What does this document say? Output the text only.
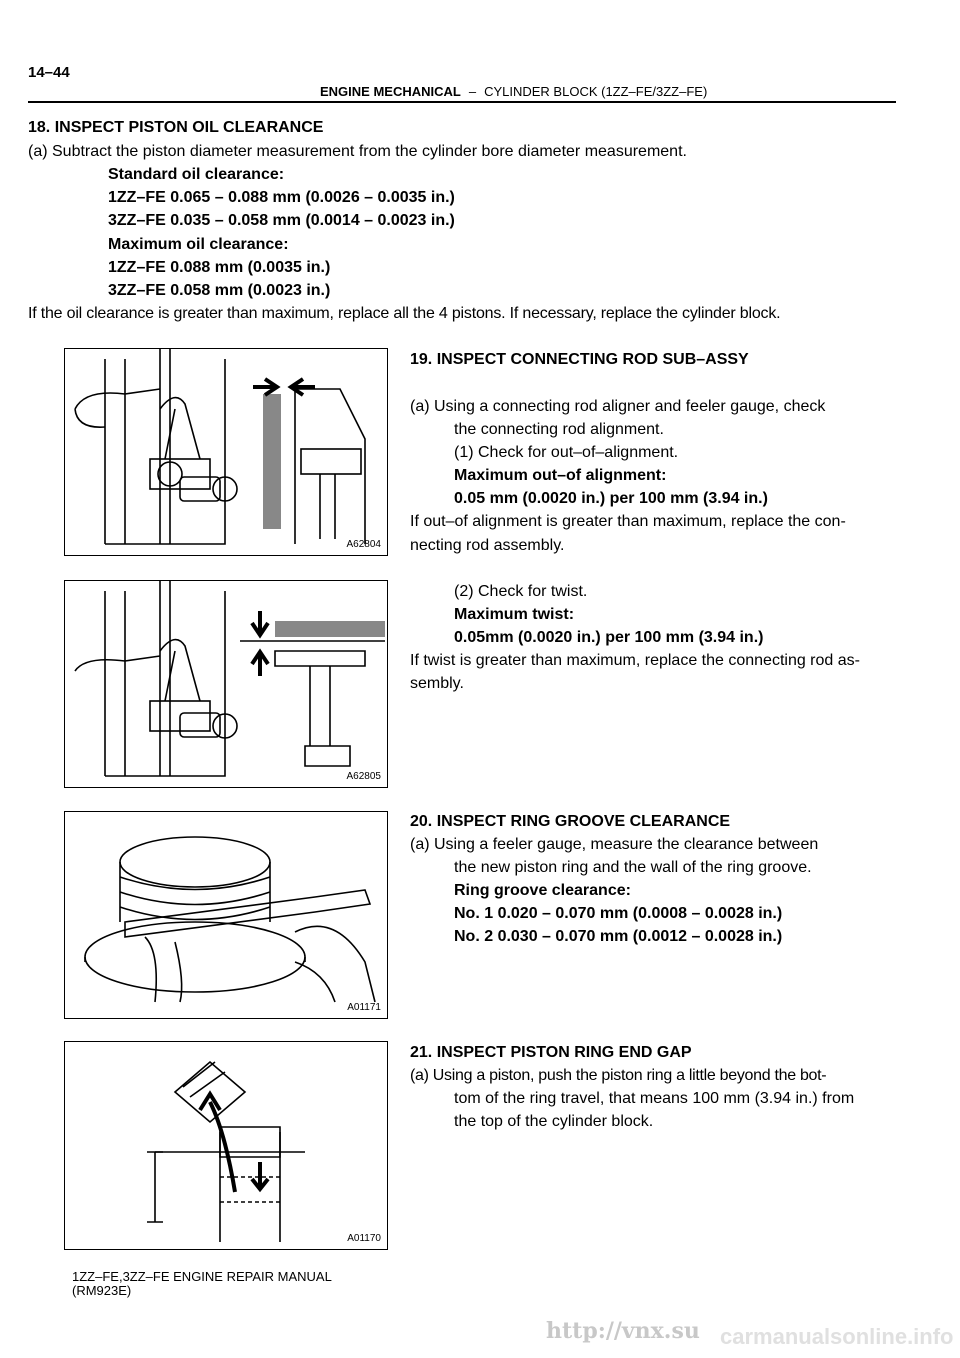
14–44
ENGINE MECHANICAL – CYLINDER BLOCK (1ZZ–FE/3ZZ–FE)
18. INSPECT PISTON OIL CLEARANCE
(a) Subtract the piston diameter measurement from the cylinder bore diameter measurement.
Standard oil clearance:
1ZZ–FE 0.065 – 0.088 mm (0.0026 – 0.0035 in.)
3ZZ–FE 0.035 – 0.058 mm (0.0014 – 0.0023 in.)
Maximum oil clearance:
1ZZ–FE 0.088 mm (0.0035 in.)
3ZZ–FE 0.058 mm (0.0023 in.)
If the oil clearance is greater than maximum, replace all the 4 pistons. If necessary, replace the cylinder block.
19. INSPECT CONNECTING ROD SUB–ASSY
(a) Using a connecting rod aligner and feeler gauge, check
the connecting rod alignment.
(1) Check for out–of–alignment.
Maximum out–of alignment:
0.05 mm (0.0020 in.) per 100 mm (3.94 in.)
If out–of alignment is greater than maximum, replace the con-
necting rod assembly.
(2) Check for twist.
Maximum twist:
0.05mm (0.0020 in.) per 100 mm (3.94 in.)
If twist is greater than maximum, replace the connecting rod as-
sembly.
20. INSPECT RING GROOVE CLEARANCE
(a) Using a feeler gauge, measure the clearance between
the new piston ring and the wall of the ring groove.
Ring groove clearance:
No. 1 0.020 – 0.070 mm (0.0008 – 0.0028 in.)
No. 2 0.030 – 0.070 mm (0.0012 – 0.0028 in.)
21. INSPECT PISTON RING END GAP
(a) Using a piston, push the piston ring a little beyond the bot-
tom of the ring travel, that means 100 mm (3.94 in.) from
the top of the cylinder block.
A62804
A62805
A01171
A01170
1ZZ–FE,3ZZ–FE ENGINE REPAIR MANUAL
(RM923E)
http://vnx.su carmanualsonline.info
